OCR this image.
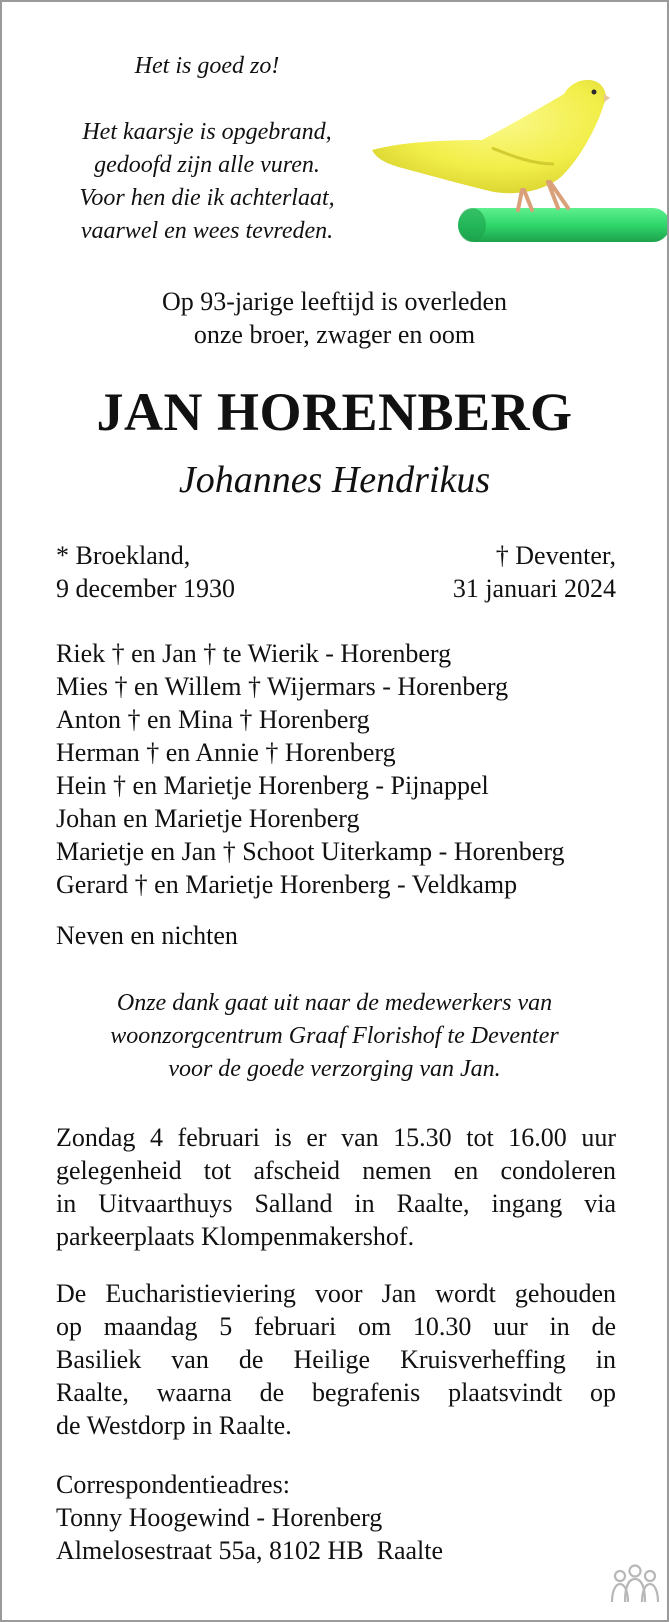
Het is goed zo!
Het kaarsje is opgebrand,
gedoofd zijn alle vuren.
Voor hen die ik achterlaat,
vaarwel en wees tevreden.
Op 93-jarige leeftijd is overleden
onze broer, zwager en oom
JAN HORENBERG
Johannes Hendrikus
* Broekland,
9 december 1930
† Deventer,
31 januari 2024
Riek † en Jan † te Wierik - Horenberg
Mies † en Willem † Wijermars - Horenberg
Anton † en Mina † Horenberg
Herman † en Annie † Horenberg
Hein † en Marietje Horenberg - Pijnappel
Johan en Marietje Horenberg
Marietje en Jan † Schoot Uiterkamp - Horenberg
Gerard † en Marietje Horenberg - Veldkamp
Neven en nichten
Onze dank gaat uit naar de medewerkers van
woonzorgcentrum Graaf Florishof te Deventer
voor de goede verzorging van Jan.
Zondag 4 februari is er van 15.30 tot 16.00 uur
gelegenheid tot afscheid nemen en condoleren
in Uitvaarthuys Salland in Raalte, ingang via
parkeerplaats Klompenmakershof.
De Eucharistieviering voor Jan wordt gehouden
op maandag 5 februari om 10.30 uur in de
Basiliek van de Heilige Kruisverheffing in
Raalte, waarna de begrafenis plaatsvindt op
de Westdorp in Raalte.
Correspondentieadres:
Tonny Hoogewind - Horenberg
Almelosestraat 55a, 8102 HB  Raalte
